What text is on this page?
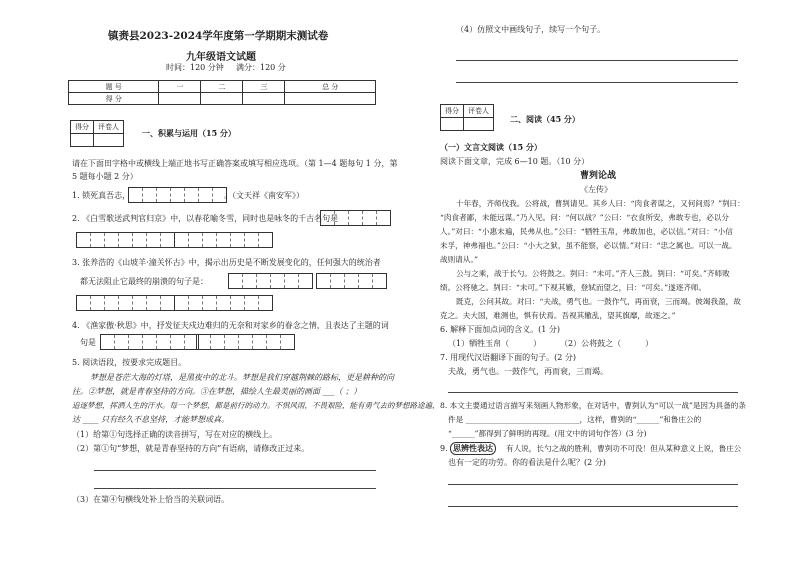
镇赉县2023-2024学年度第一学期期末测试卷
九年级语文试题
时间：120 分钟 满分：120 分
题 号	一	二	三	总 分
得 分				
得分	评卷人

一、积累与运用（15 分）
请在下面田字格中或横线上端正地书写正确答案或填写相应选项。（第 1—4 题每句 1 分，第
5 题每小题 2 分）
1. 锁死真吾志，	。（文天祥《南安军》）
2. 《白雪歌送武判官归京》中，以春花喻冬雪，同时也是咏冬的千古名句是
3. 张养浩的《山坡羊·潼关怀古》中，揭示出历史是不断发展变化的，任何强大的统治者
都无法阻止它最终的崩溃的句子是：
4. 《渔家傲·秋思》中，抒发征夫戍边难归的无奈和对家乡的眷念之情，且表达了主题的词
句是
5. 阅读语段，按要求完成题目。
梦想是苍茫大海的灯塔，是黑夜中的北斗。梦想是我们穿越荆棘的路标，更是耕种的向
往。②梦想，就是青春坚持的方向。③在梦想，描绘人生最美丽的画面 ___（ ；）
追逐梦想，挥洒人生的汗水。每一个梦想，都是前行的动力。不惧风雨，不畏艰险，能有勇气去的梦想路途遍，
达 ____ 只有经久不息坚持，才能梦想成真。
（1）给第①句选择正确的读音拼写，写在对应的横线上。
（2）第①句“梦想，就是青春坚持的方向”有语病，请修改正过来。
（3）在第④句横线处补上恰当的关联词语。
（4）仿照文中画线句子，续写一个句子。
得分	评卷人

二、阅读（45 分）
（一）文言文阅读（15 分）
阅读下面文章，完成 6—10 题。（10 分）
曹刿论战
《左传》
十年春，齐师伐我。公将战，曹刿请见。其乡人曰：“肉食者谋之，又何间焉？”刿曰：
“肉食者鄙，未能远谋。”乃入见。问：“何以战？”公曰：“衣食所安，弗敢专也，必以分
人。”对曰：“小惠未遍，民弗从也。”公曰：“牺牲玉帛，弗敢加也，必以信。”对曰：“小信
未孚，神弗福也。”公曰：“小大之狱，虽不能察，必以情。”对曰：“忠之属也。可以一战。
战则请从。”
公与之乘，战于长勺。公将鼓之。刿曰：“未可。”齐人三鼓。刿曰：“可矣。”齐师败
绩。公将驰之。刿曰：“未可。”下视其辙，登轼而望之，曰：“可矣。”遂逐齐师。
既克，公问其故。对曰：“夫战，勇气也。一鼓作气，再而衰，三而竭。彼竭我盈，故
克之。夫大国，难测也，惧有伏焉。吾视其辙乱，望其旗靡，故逐之。”
6. 解释下面加点词的含义。(1 分)
（1）牺牲玉帛（　　　） （2）公将鼓之（　　　）
7. 用现代汉语翻译下面的句子。(2 分)
夫战，勇气也。一鼓作气，再而衰，三而竭。
8. 本文主要通过语言描写来刻画人物形象，在对话中，曹刿认为“可以一战”是因为具备的条
件是 ______________________________，这样，曹刿的“______”和鲁庄公的
“______”都得到了鲜明的再现。(用文中的词句作答）(3 分)
9. 思辨性表达	有人说，长勺之战的胜利，曹刿功不可没！但从某种意义上说，鲁庄公
也有一定的功劳。你的看法是什么呢？(2 分)
